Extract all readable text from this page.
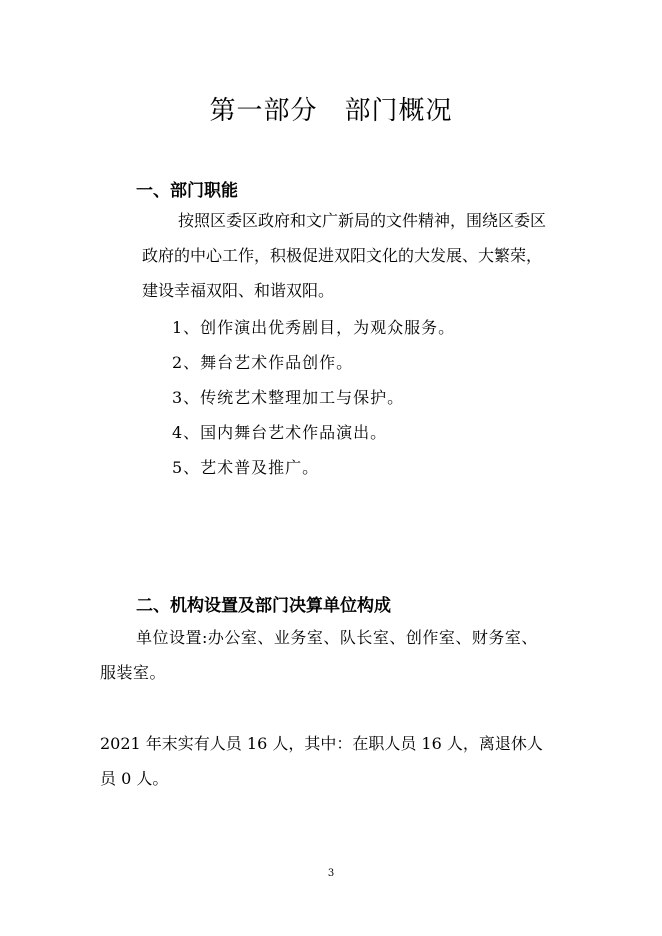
第一部分　部门概况
一、部门职能
按照区委区政府和文广新局的文件精神，围绕区委区
政府的中心工作，积极促进双阳文化的大发展、大繁荣，
建设幸福双阳、和谐双阳。
1、创作演出优秀剧目，为观众服务。
2、舞台艺术作品创作。
3、传统艺术整理加工与保护。
4、国内舞台艺术作品演出。
5、艺术普及推广。
二、机构设置及部门决算单位构成
单位设置:办公室、业务室、队长室、创作室、财务室、
服装室。
2021 年末实有人员 16 人，其中：在职人员 16 人，离退休人
员 0 人。
3
